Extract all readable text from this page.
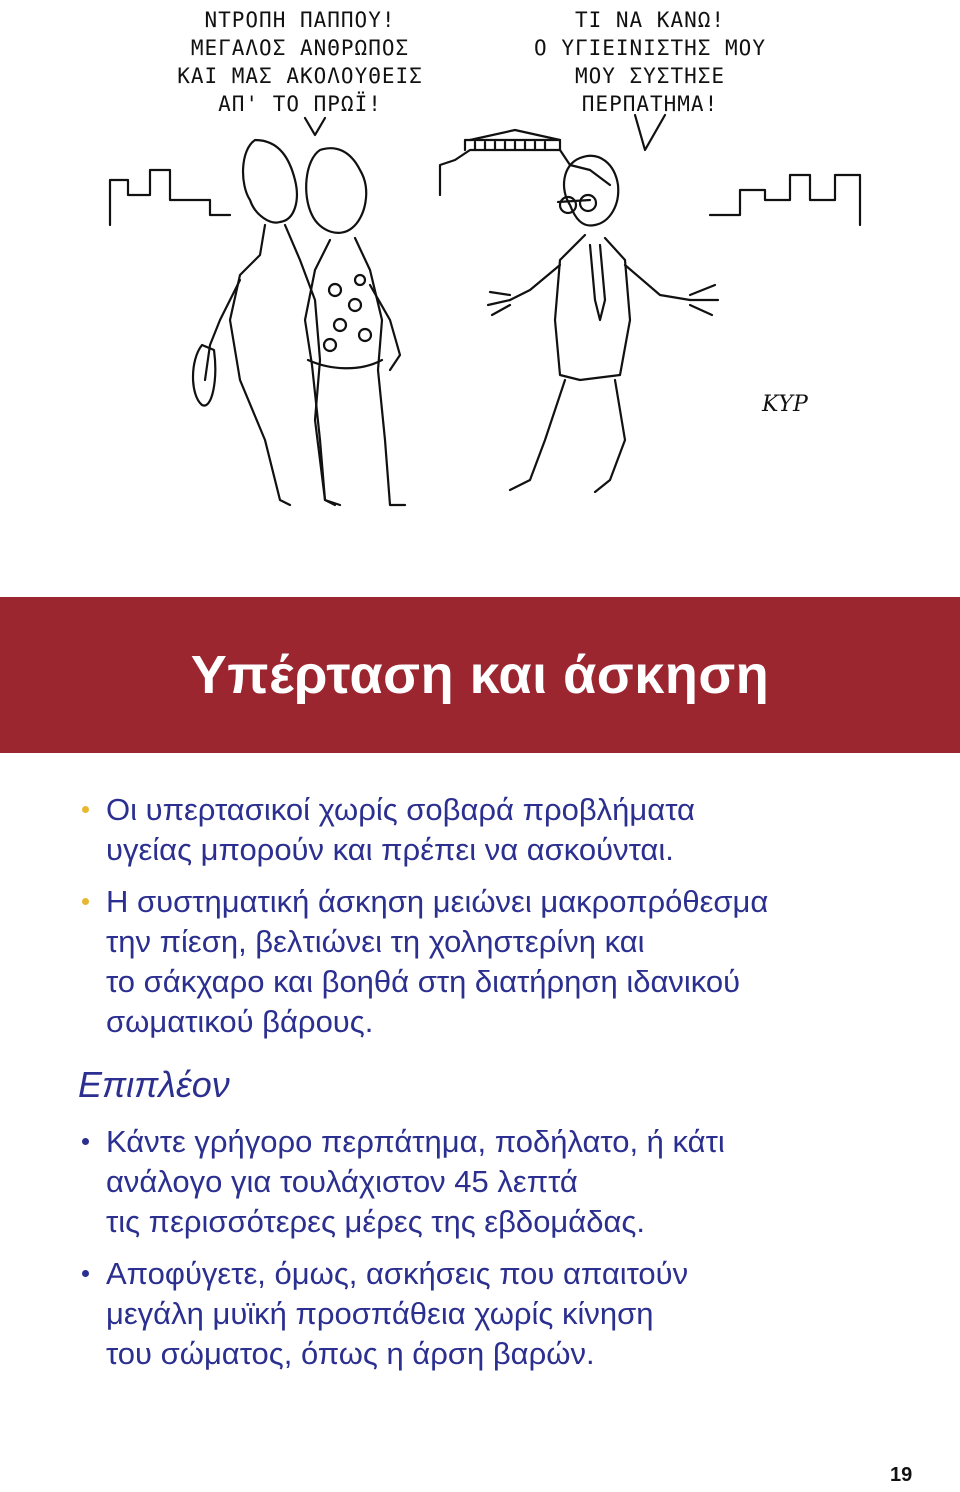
ΝΤΡΟΠΗ ΠΑΠΠΟΥ!
ΜΕΓΑΛΟΣ ΑΝΘΡΩΠΟΣ
ΚΑΙ ΜΑΣ ΑΚΟΛΟΥΘΕΙΣ
ΑΠ' ΤΟ ΠΡΩΪ!
ΤΙ ΝΑ ΚΑΝΩ!
Ο ΥΓΙΕΙΝΙΣΤΗΣ ΜΟΥ
ΜΟΥ ΣΥΣΤΗΣΕ
ΠΕΡΠΑΤΗΜΑ!
ΚΥΡ
Υπέρταση και άσκηση
Οι υπερτασικοί χωρίς σοβαρά προβλήματα
υγείας μπορούν και πρέπει να ασκούνται.
Η συστηματική άσκηση μειώνει μακροπρόθεσμα
την πίεση, βελτιώνει τη χοληστερίνη και
το σάκχαρο και βοηθά στη διατήρηση ιδανικού
σωματικού βάρους.
Επιπλέον
Κάντε γρήγορο περπάτημα, ποδήλατο, ή κάτι
ανάλογο για τουλάχιστον 45 λεπτά
τις περισσότερες μέρες της εβδομάδας.
Αποφύγετε, όμως, ασκήσεις που απαιτούν
μεγάλη μυϊκή προσπάθεια χωρίς κίνηση
του σώματος, όπως η άρση βαρών.
19
